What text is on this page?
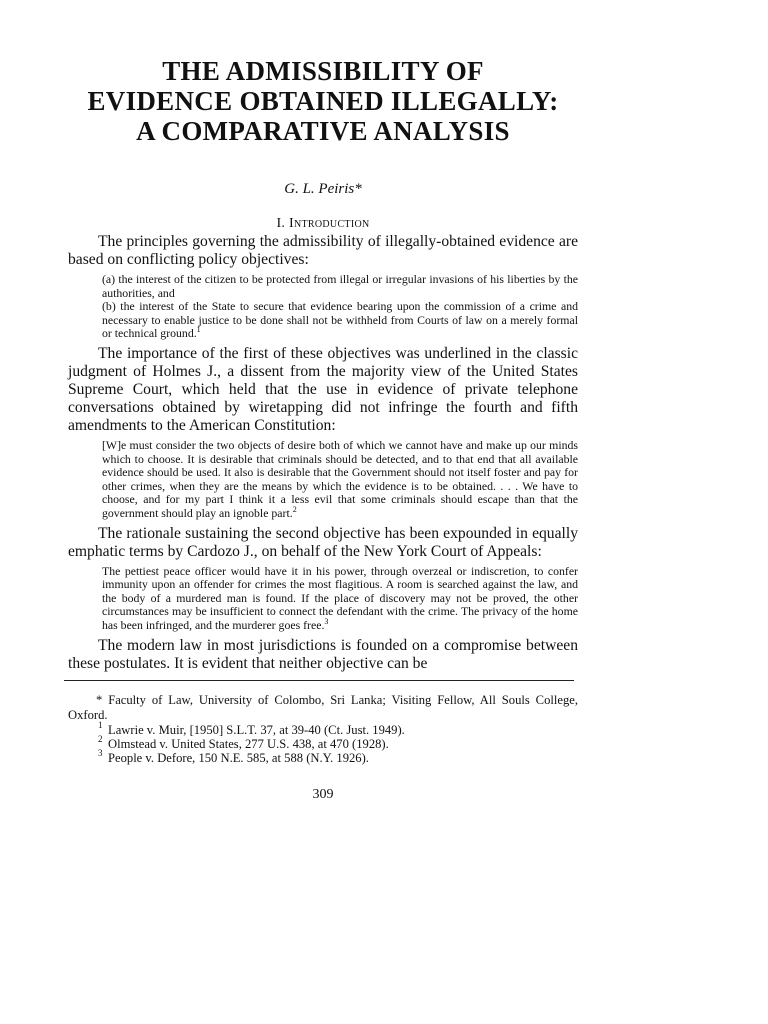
THE ADMISSIBILITY OF
EVIDENCE OBTAINED ILLEGALLY:
A COMPARATIVE ANALYSIS
G. L. Peiris*
I. Introduction

The principles governing the admissibility of illegally-obtained evidence are based on conflicting policy objectives:

(a) the interest of the citizen to be protected from illegal or irregular invasions of his liberties by the authorities, and
(b) the interest of the State to secure that evidence bearing upon the commission of a crime and necessary to enable justice to be done shall not be withheld from Courts of law on a merely formal or technical ground.$^1$

The importance of the first of these objectives was underlined in the classic judgment of Holmes J., a dissent from the majority view of the United States Supreme Court, which held that the use in evidence of private telephone conversations obtained by wiretapping did not infringe the fourth and fifth amendments to the American Constitution:

[W]e must consider the two objects of desire both of which we cannot have and make up our minds which to choose. It is desirable that criminals should be detected, and to that end that all available evidence should be used. It also is desirable that the Government should not itself foster and pay for other crimes, when they are the means by which the evidence is to be obtained. . . . We have to choose, and for my part I think it a less evil that some criminals should escape than that the government should play an ignoble part.$^2$

The rationale sustaining the second objective has been expounded in equally emphatic terms by Cardozo J., on behalf of the New York Court of Appeals:

The pettiest peace officer would have it in his power, through overzeal or indiscretion, to confer immunity upon an offender for crimes the most flagitious. A room is searched against the law, and the body of a murdered man is found. If the place of discovery may not be proved, the other circumstances may be insufficient to connect the defendant with the crime. The privacy of the home has been infringed, and the murderer goes free.$^3$

The modern law in most jurisdictions is founded on a compromise between these postulates. It is evident that neither objective can be

* Faculty of Law, University of Colombo, Sri Lanka; Visiting Fellow, All Souls College, Oxford.
1 Lawrie v. Muir, [1950] S.L.T. 37, at 39-40 (Ct. Just. 1949).
2 Olmstead v. United States, 277 U.S. 438, at 470 (1928).
3 People v. Defore, 150 N.E. 585, at 588 (N.Y. 1926).
309
